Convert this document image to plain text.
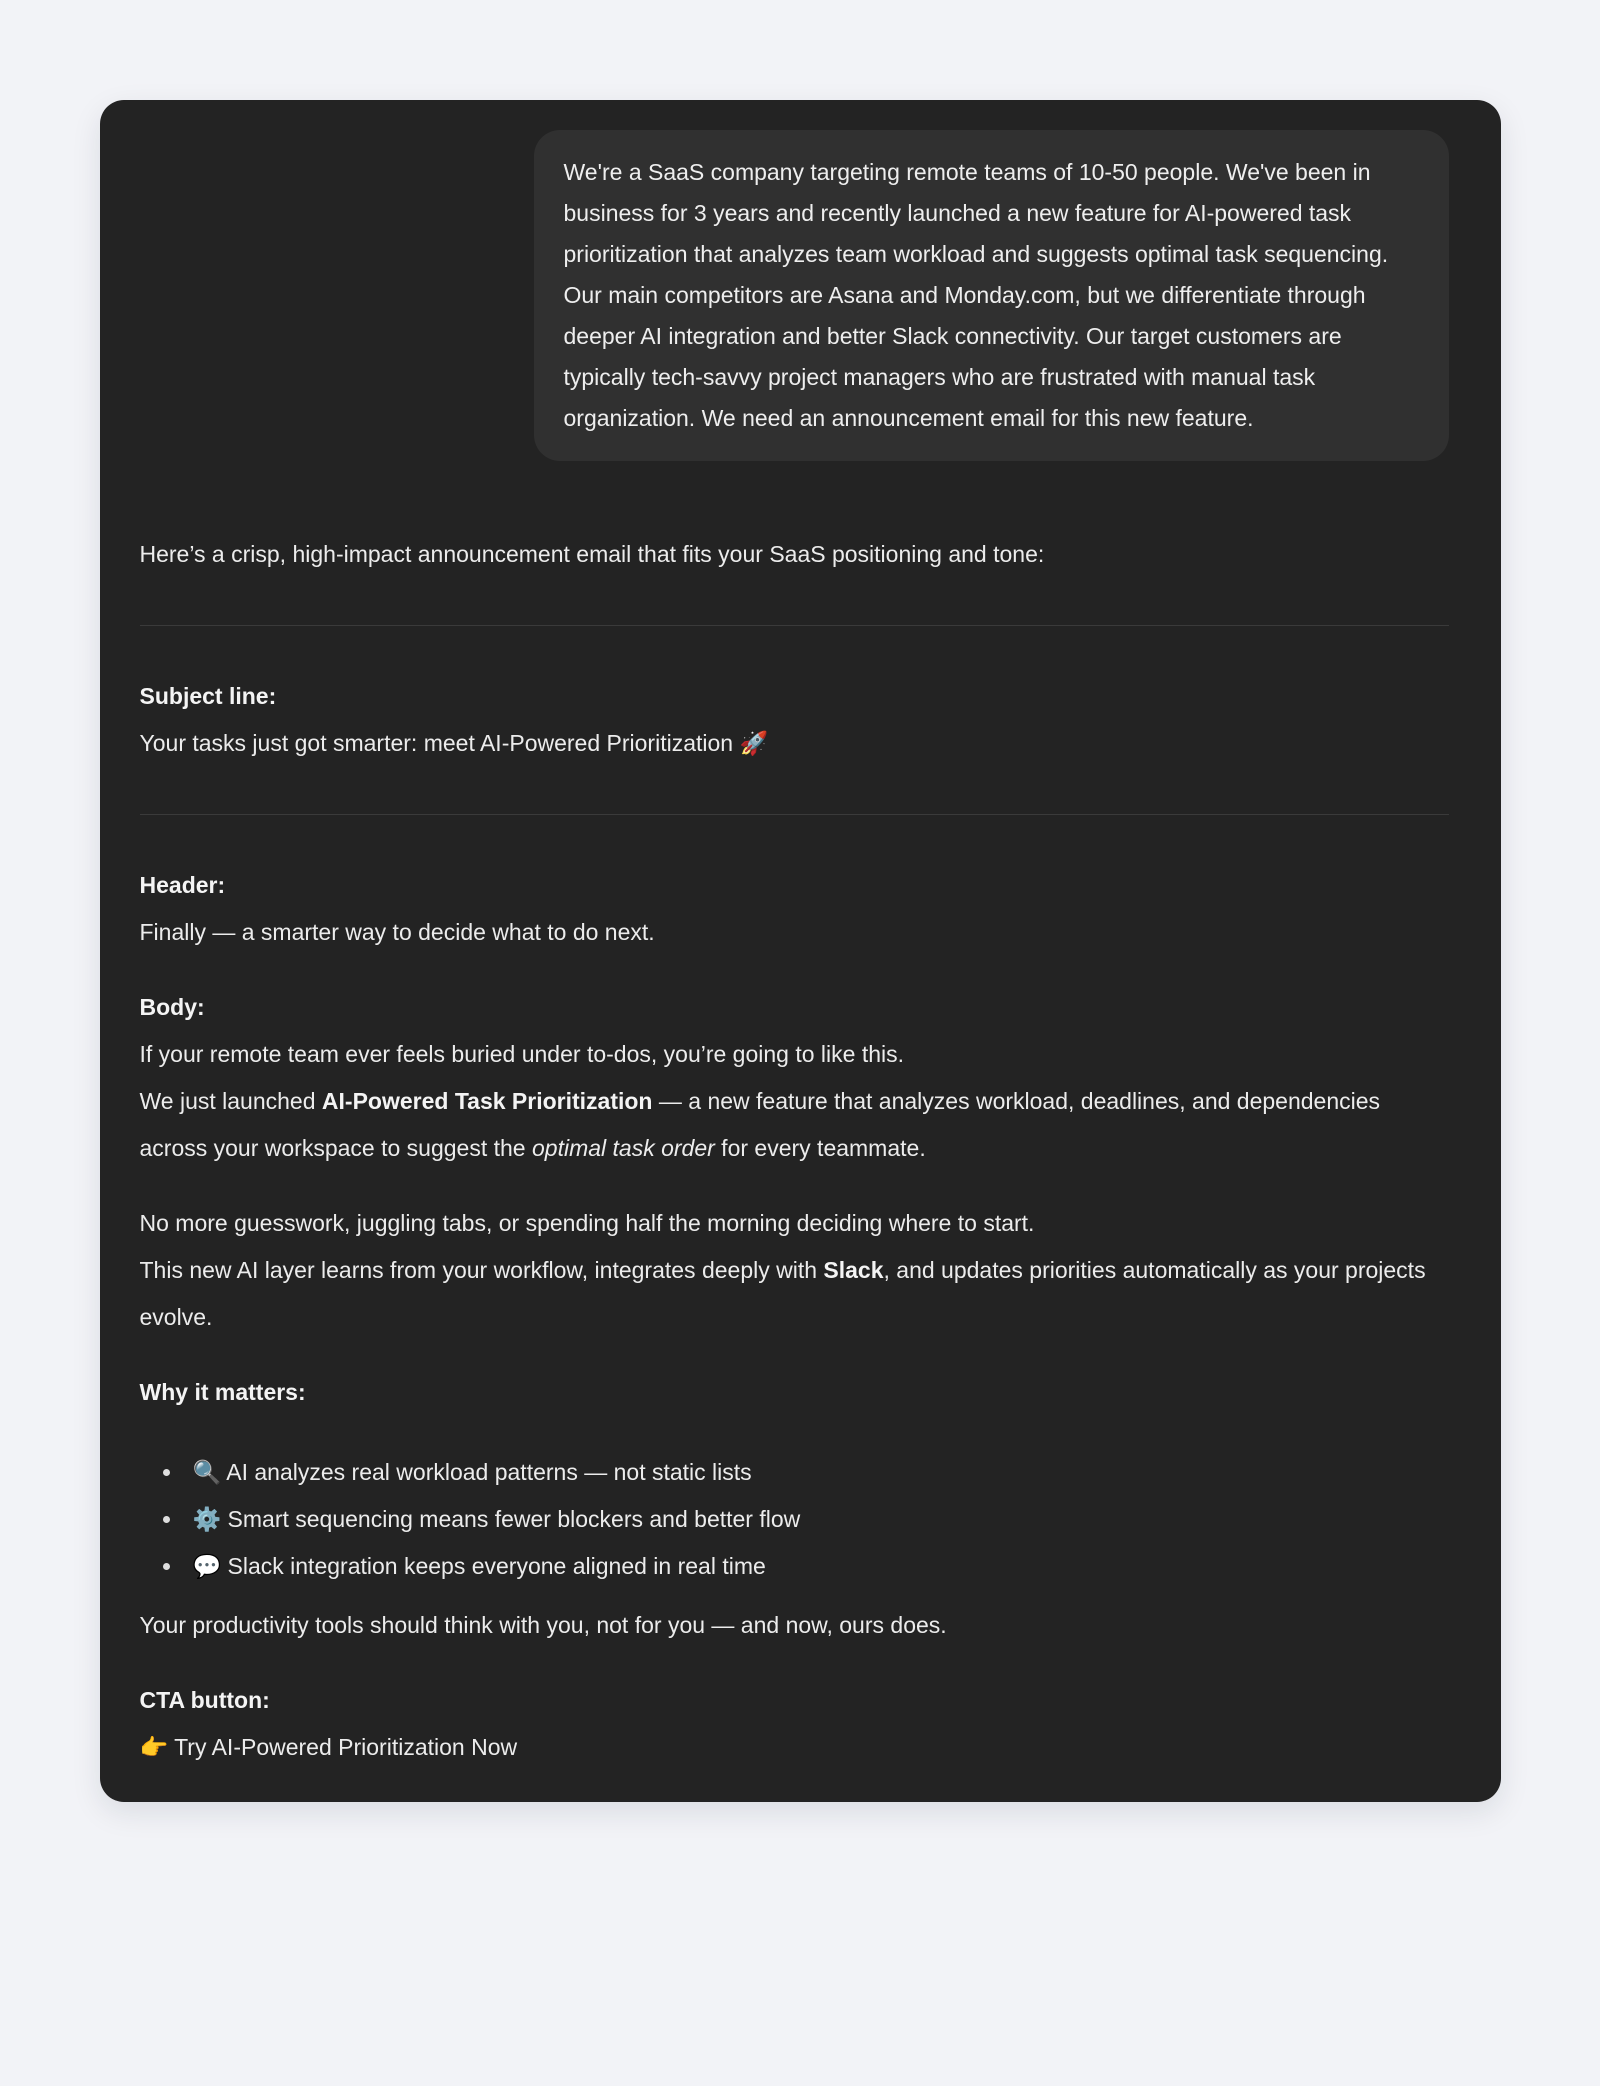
We're a SaaS company targeting remote teams of 10-50 people. We've been in business for 3 years and recently launched a new feature for AI-powered task prioritization that analyzes team workload and suggests optimal task sequencing. Our main competitors are Asana and Monday.com, but we differentiate through deeper AI integration and better Slack connectivity. Our target customers are typically tech-savvy project managers who are frustrated with manual task organization. We need an announcement email for this new feature.

Here’s a crisp, high-impact announcement email that fits your SaaS positioning and tone:

Subject line:
Your tasks just got smarter: meet AI-Powered Prioritization 🚀

Header:
Finally — a smarter way to decide what to do next.

Body:
If your remote team ever feels buried under to-dos, you’re going to like this.
We just launched AI-Powered Task Prioritization — a new feature that analyzes workload, deadlines, and dependencies across your workspace to suggest the optimal task order for every teammate.

No more guesswork, juggling tabs, or spending half the morning deciding where to start.
This new AI layer learns from your workflow, integrates deeply with Slack, and updates priorities automatically as your projects evolve.

Why it matters:

🔍 AI analyzes real workload patterns — not static lists
⚙️ Smart sequencing means fewer blockers and better flow
💬 Slack integration keeps everyone aligned in real time

Your productivity tools should think with you, not for you — and now, ours does.

CTA button:
👉 Try AI-Powered Prioritization Now
